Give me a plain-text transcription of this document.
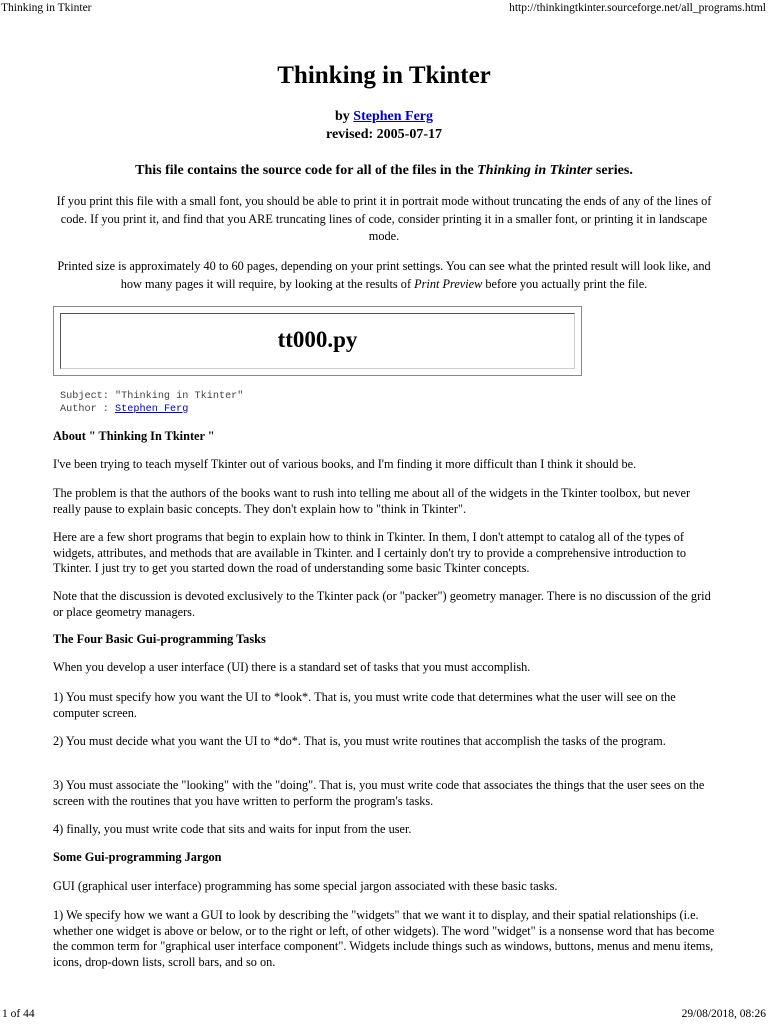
Thinking in Tkinter	http://thinkingtkinter.sourceforge.net/all_programs.html
Thinking in Tkinter
by Stephen Ferg
revised: 2005-07-17
This file contains the source code for all of the files in the Thinking in Tkinter series.

If you print this file with a small font, you should be able to print it in portrait mode without truncating the ends of any of the lines of code. If you print it, and find that you ARE truncating lines of code, consider printing it in a smaller font, or printing it in landscape mode.

Printed size is approximately 40 to 60 pages, depending on your print settings. You can see what the printed result will look like, and how many pages it will require, by looking at the results of Print Preview before you actually print the file.

tt000.py
Subject: "Thinking in Tkinter"
Author : Stephen Ferg

About " Thinking In Tkinter "

I've been trying to teach myself Tkinter out of various books, and I'm finding it more difficult than I think it should be.

The problem is that the authors of the books want to rush into telling me about all of the widgets in the Tkinter toolbox, but never really pause to explain basic concepts. They don't explain how to "think in Tkinter".

Here are a few short programs that begin to explain how to think in Tkinter. In them, I don't attempt to catalog all of the types of widgets, attributes, and methods that are available in Tkinter. and I certainly don't try to provide a comprehensive introduction to Tkinter. I just try to get you started down the road of understanding some basic Tkinter concepts.

Note that the discussion is devoted exclusively to the Tkinter pack (or "packer") geometry manager. There is no discussion of the grid or place geometry managers.

The Four Basic Gui-programming Tasks

When you develop a user interface (UI) there is a standard set of tasks that you must accomplish.

1) You must specify how you want the UI to *look*. That is, you must write code that determines what the user will see on the computer screen.

2) You must decide what you want the UI to *do*. That is, you must write routines that accomplish the tasks of the program.

3) You must associate the "looking" with the "doing". That is, you must write code that associates the things that the user sees on the screen with the routines that you have written to perform the program's tasks.

4) finally, you must write code that sits and waits for input from the user.

Some Gui-programming Jargon

GUI (graphical user interface) programming has some special jargon associated with these basic tasks.

1) We specify how we want a GUI to look by describing the "widgets" that we want it to display, and their spatial relationships (i.e. whether one widget is above or below, or to the right or left, of other widgets). The word "widget" is a nonsense word that has become the common term for "graphical user interface component". Widgets include things such as windows, buttons, menus and menu items, icons, drop-down lists, scroll bars, and so on.

1 of 44	29/08/2018, 08:26
